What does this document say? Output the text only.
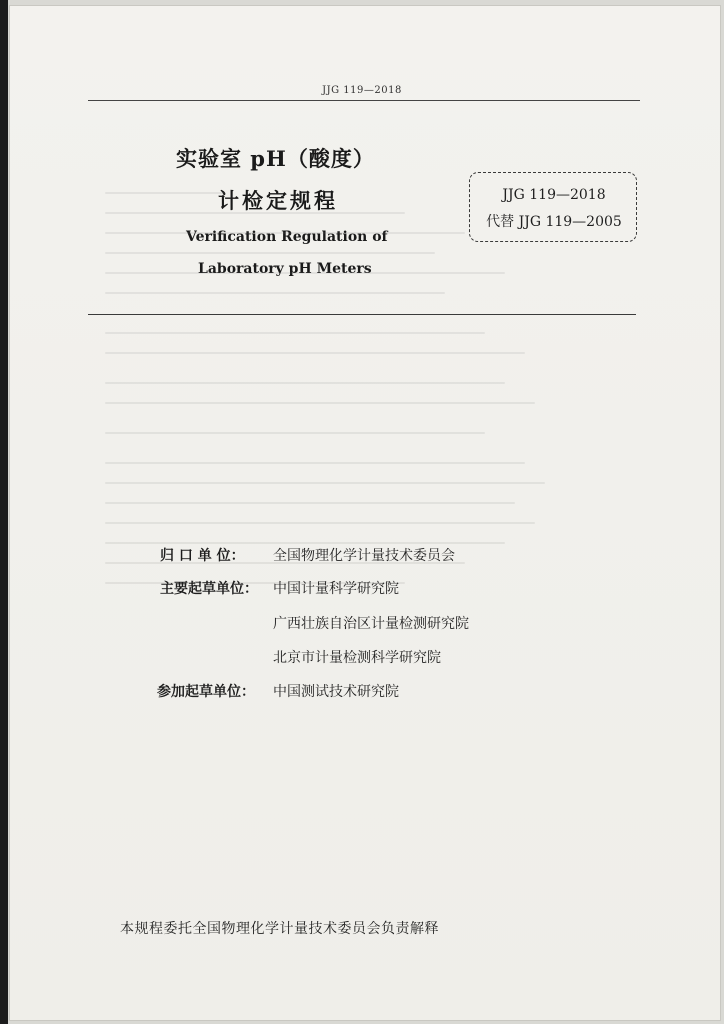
JJG 119—2018
实验室 pH（酸度）
计检定规程
Verification Regulation of
Laboratory pH Meters
JJG 119—2018
代替 JJG 119—2005
归 口 单 位： 全国物理化学计量技术委员会
主要起草单位： 中国计量科学研究院
广西壮族自治区计量检测研究院
北京市计量检测科学研究院
参加起草单位： 中国测试技术研究院
本规程委托全国物理化学计量技术委员会负责解释
